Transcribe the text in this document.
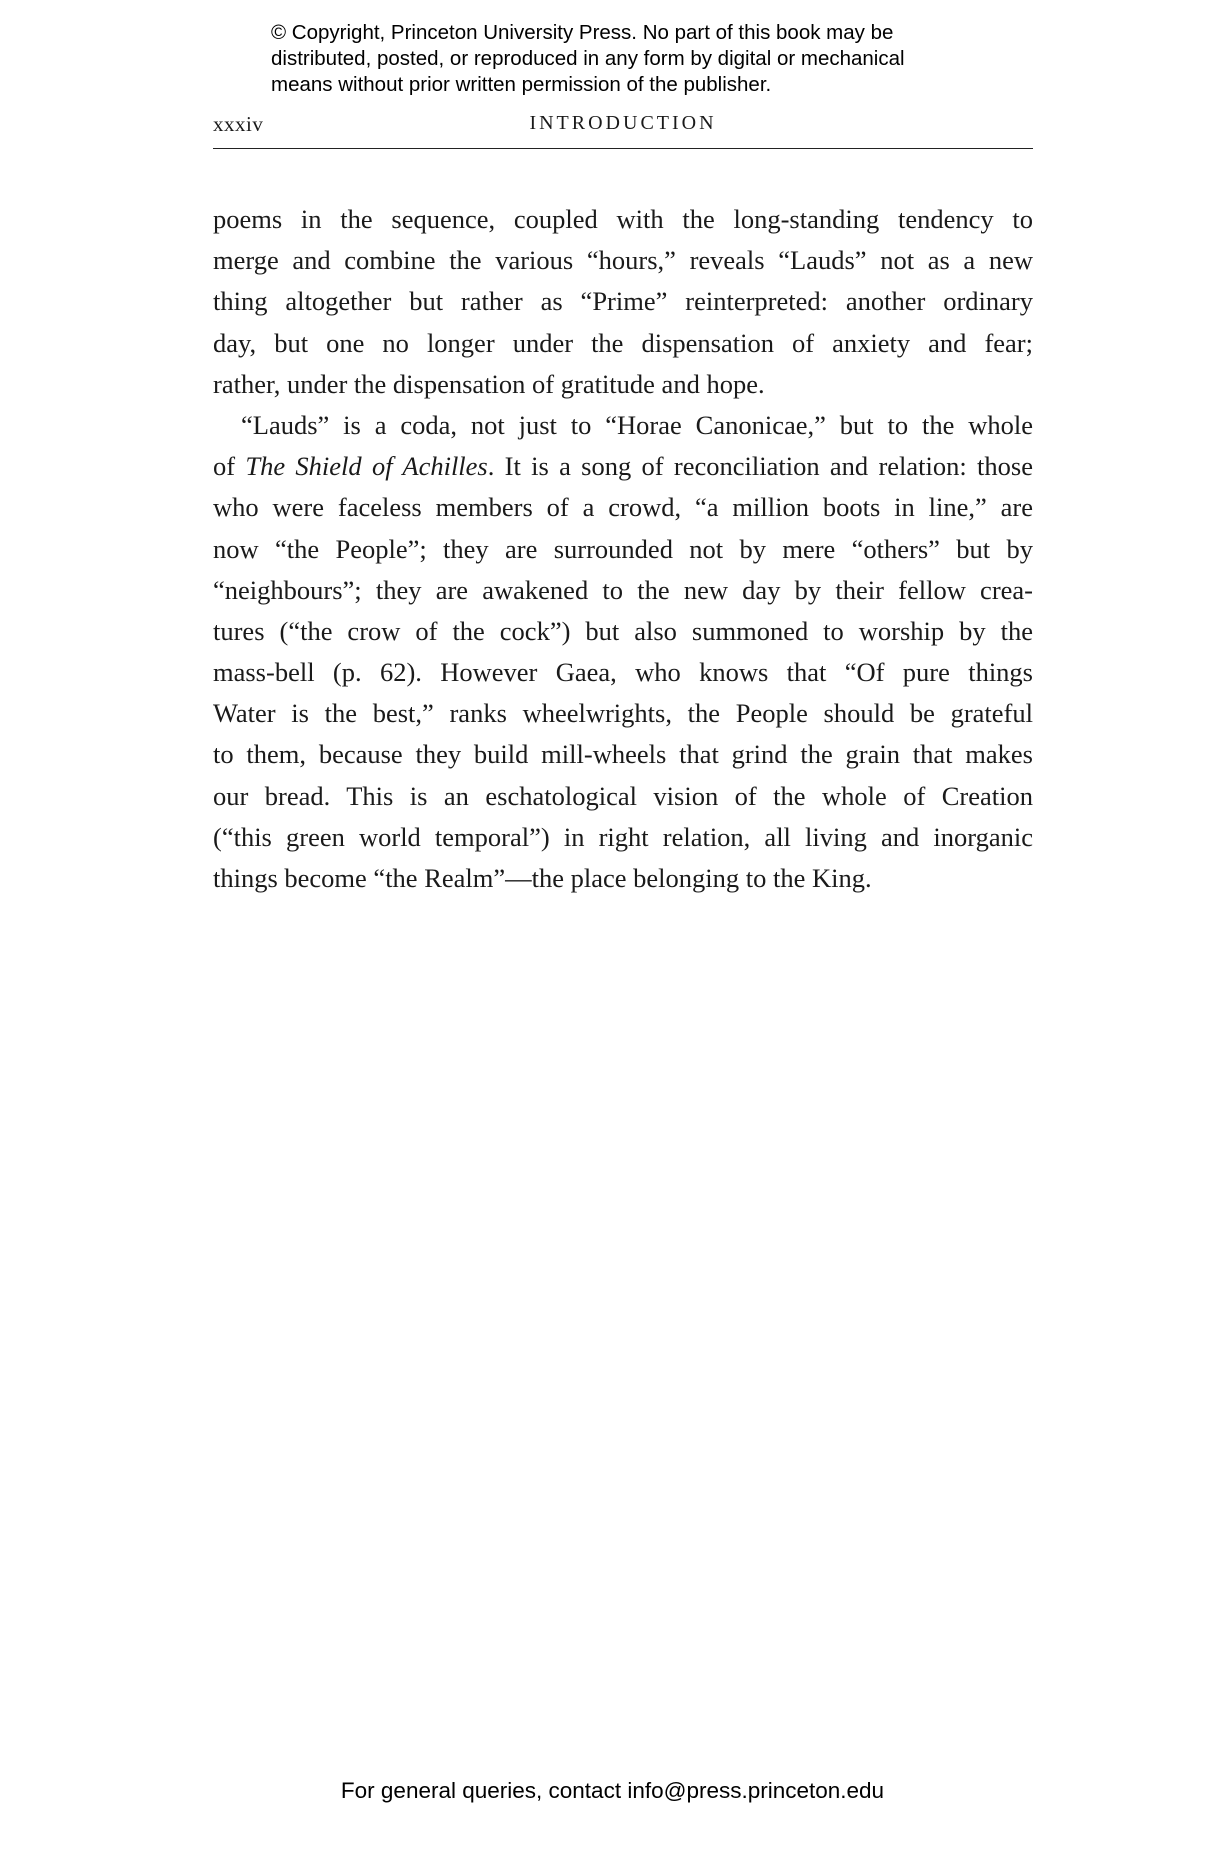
© Copyright, Princeton University Press. No part of this book may be
distributed, posted, or reproduced in any form by digital or mechanical
means without prior written permission of the publisher.
xxxiv	INTRODUCTION
poems in the sequence, coupled with the long-standing tendency to
merge and combine the various “hours,” reveals “Lauds” not as a new
thing altogether but rather as “Prime” reinterpreted: another ordinary
day, but one no longer under the dispensation of anxiety and fear;
rather, under the dispensation of gratitude and hope.
“Lauds” is a coda, not just to “Horae Canonicae,” but to the whole
of The Shield of Achilles. It is a song of reconciliation and relation: those
who were faceless members of a crowd, “a million boots in line,” are
now “the People”; they are surrounded not by mere “others” but by
“neighbours”; they are awakened to the new day by their fellow crea-
tures (“the crow of the cock”) but also summoned to worship by the
mass-bell (p. 62). However Gaea, who knows that “Of pure things
Water is the best,” ranks wheelwrights, the People should be grateful
to them, because they build mill-wheels that grind the grain that makes
our bread. This is an eschatological vision of the whole of Creation
(“this green world temporal”) in right relation, all living and inorganic
things become “the Realm”—the place belonging to the King.
For general queries, contact info@press.princeton.edu
